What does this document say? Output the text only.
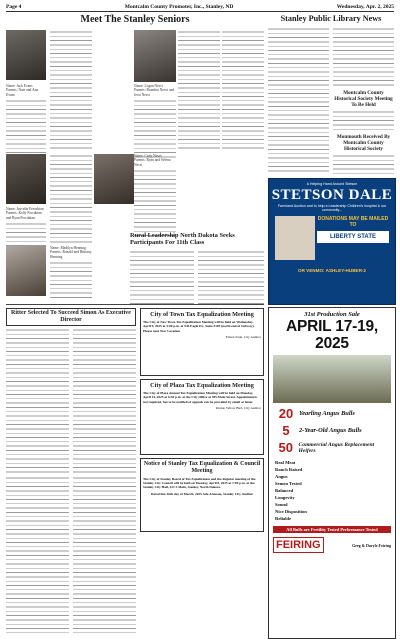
Page 4	Montcalm County Promoter, Inc., Stanley, ND	Wednesday, Apr. 2, 2025
Meet The Stanley Seniors
Name: Jack Evans
Parents: Nate and Ann Evans
Name: Logan Nesvi
Parents: Brandon Nesvi and Jessi Nesvi
Name: Jaycelin Fercubian
Parents: Kelly Fercubian and Ryan Fercubian
Name: Cody Nesvi
Parents: Ryan and Selena Nesvi
Name: Madilyn Henning
Parents: Ronald and Brittany Henning
Rural Leadership North Dakota Seeks Participants For 11th Class
Ritter Selected To Succeed Simon As Executive Director
City of Town Tax Equalization Meeting
The City of New Town Tax Equalization Meeting will be held on Wednesday, April 9, 2025 at 5:00 p.m. at 945 Eagle Dr., Suite #105 (north end of Subway). Please note New Location
Eileen Zaun, City Auditor
City of Plaza Tax Equalization Meeting
The City of Plaza Annual Tax Equalization Meeting will be held on Monday, April 14, 2025 at 6:30 p.m. at the City Office at 305 Main Street. Appointments not required, but to be notified of appeals can be provided by email or letter.
Pennie Yellow Bird, City Auditor
Notice of Stanley Tax Equalization & Council Meeting
The City of Stanley Board of Tax Equalization and the Regular meeting of the Stanley City Council will be held on Tuesday, April 8, 2025 at 7:00 p.m. at the Stanley City Hall, 221 S Main, Stanley, North Dakota.
Dated this 26th day of March, 2025 Ada Arneson, Stanley City Auditor
Stanley Public Library News
Montcalm County Historical Society Meeting To Be Held
Monmouth Received By Montcalm County Historical Society
A Helping Hand Around Stetson
STETSON DALE
Farmland Auction and to help a Leadership Children's hospital & our community...
DONATIONS MAY BE MAILED TO
LIBERTY STATE
OR VENMO: ASHLEY-HUBER-2
31st Production Sale
APRIL 17-19, 2025
20 Yearling Angus Bulls
5	2-Year-Old Angus Bulls
50 Commercial Angus Replacement Heifers
Real Meat
Ranch Raised
Angus
Semen Tested
Balanced
Longevity
Sound
Nice Disposition
Reliable
All Bulls are Fertility Tested Performance Tested
FEIRING	Greg & Daryle Feiring
